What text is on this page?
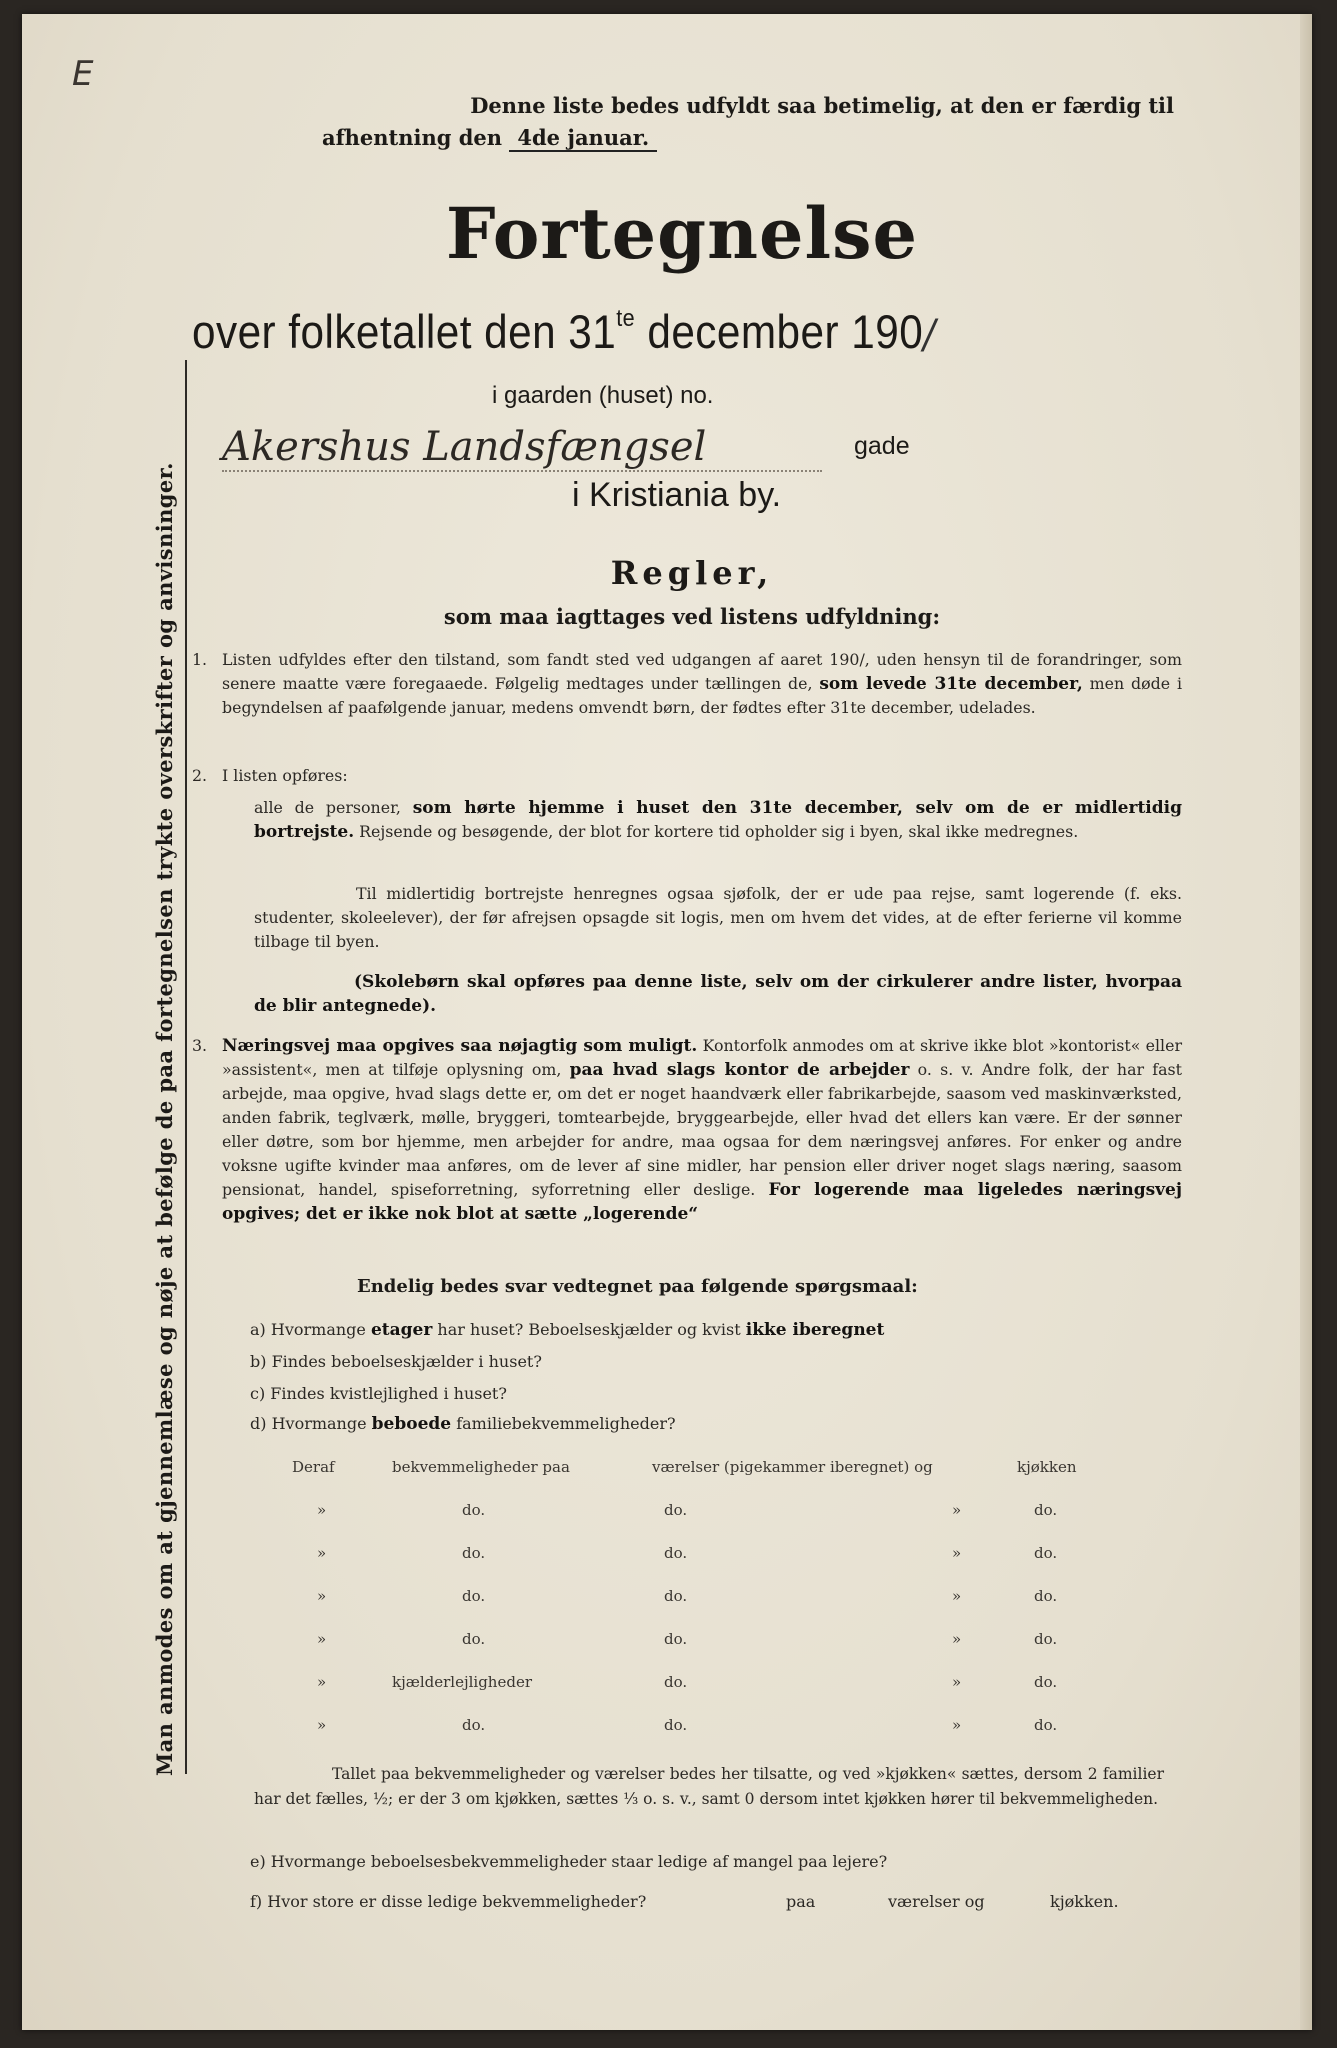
E
Denne liste bedes udfyldt saa betimelig, at den er færdig til
afhentning den 4de januar.
Fortegnelse
over folketallet den $31^{te}$ december 190/
i gaarden (huset) no.
Akershus Landsfængsel	gade
i Kristiania by.
Regler,
som maa iagttages ved listens udfyldning:
1. Listen udfyldes efter den tilstand, som fandt sted ved udgangen af aaret 190/, uden hensyn til de forandringer, som senere maatte være foregaaede. Følgelig medtages under tællingen de, som levede 31te december, men døde i begyndelsen af paafølgende januar, medens omvendt børn, der fødtes efter 31te december, udelades.
2. I listen opføres:
alle de personer, som hørte hjemme i huset den 31te december, selv om de er midlertidig bortrejste. Rejsende og besøgende, der blot for kortere tid opholder sig i byen, skal ikke medregnes.
Til midlertidig bortrejste henregnes ogsaa sjøfolk, der er ude paa rejse, samt logerende (f. eks. studenter, skoleelever), der før afrejsen opsagde sit logis, men om hvem det vides, at de efter ferierne vil komme tilbage til byen.
(Skolebørn skal opføres paa denne liste, selv om der cirkulerer andre lister, hvorpaa de blir antegnede).
3. Næringsvej maa opgives saa nøjagtig som muligt. Kontorfolk anmodes om at skrive ikke blot »kontorist« eller »assistent«, men at tilføje oplysning om, paa hvad slags kontor de arbejder o. s. v. Andre folk, der har fast arbejde, maa opgive, hvad slags dette er, om det er noget haandværk eller fabrikarbejde, saasom ved maskinværksted, anden fabrik, teglværk, mølle, bryggeri, tomtearbejde, bryggearbejde, eller hvad det ellers kan være. Er der sønner eller døtre, som bor hjemme, men arbejder for andre, maa ogsaa for dem næringsvej anføres. For enker og andre voksne ugifte kvinder maa anføres, om de lever af sine midler, har pension eller driver noget slags næring, saasom pensionat, handel, spiseforretning, syforretning eller deslige. For logerende maa ligeledes næringsvej opgives; det er ikke nok blot at sætte „logerende“
Endelig bedes svar vedtegnet paa følgende spørgsmaal:
a) Hvormange etager har huset? Beboelseskjælder og kvist ikke iberegnet
b) Findes beboelseskjælder i huset?
c) Findes kvistlejlighed i huset?
d) Hvormange beboede familiebekvemmeligheder?
Deraf	bekvemmeligheder paa	værelser (pigekammer iberegnet) og	kjøkken
»	do.	do.	»	do.
»	do.	do.	»	do.
»	do.	do.	»	do.
»	do.	do.	»	do.
»	kjælderlejligheder	do.	»	do.
»	do.	do.	»	do.
Tallet paa bekvemmeligheder og værelser bedes her tilsatte, og ved »kjøkken« sættes, dersom 2 familier har det fælles, ½; er der 3 om kjøkken, sættes ⅓ o. s. v., samt 0 dersom intet kjøkken hører til bekvemmeligheden.
e) Hvormange beboelsesbekvemmeligheder staar ledige af mangel paa lejere?
f) Hvor store er disse ledige bekvemmeligheder?	paa	værelser og	kjøkken.
Man anmodes om at gjennemlæse og nøje at befølge de paa fortegnelsen trykte overskrifter og anvisninger.
